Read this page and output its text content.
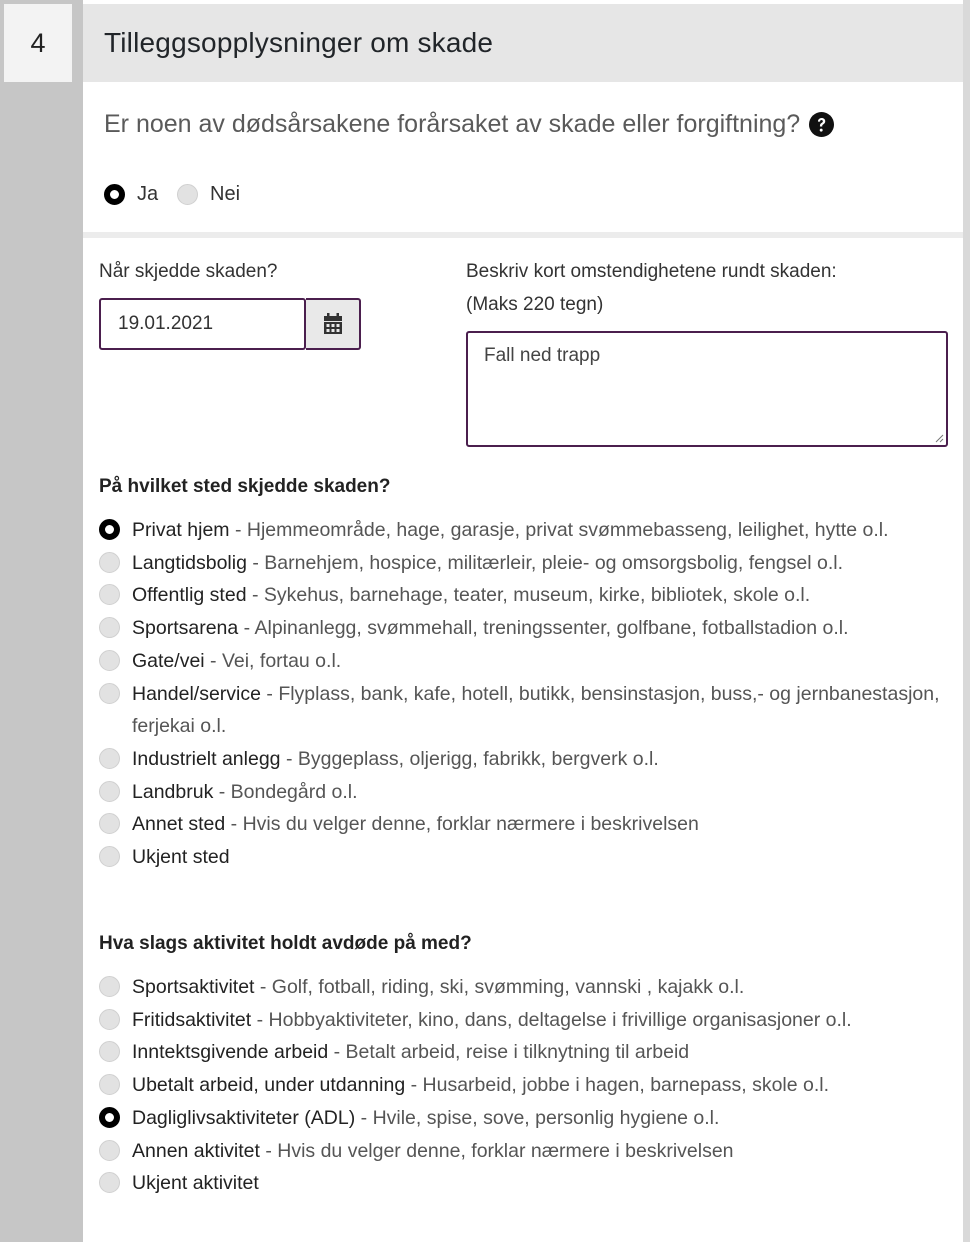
4	Tilleggsopplysninger om skade
Er noen av dødsårsakene forårsaket av skade eller forgiftning?
Ja	Nei
Når skjedde skaden?
19.01.2021
Beskriv kort omstendighetene rundt skaden:
(Maks 220 tegn)
Fall ned trapp
På hvilket sted skjedde skaden?
Privat hjem - Hjemmeområde, hage, garasje, privat svømmebasseng, leilighet, hytte o.l.
Langtidsbolig - Barnehjem, hospice, militærleir, pleie- og omsorgsbolig, fengsel o.l.
Offentlig sted - Sykehus, barnehage, teater, museum, kirke, bibliotek, skole o.l.
Sportsarena - Alpinanlegg, svømmehall, treningssenter, golfbane, fotballstadion o.l.
Gate/vei - Vei, fortau o.l.
Handel/service - Flyplass, bank, kafe, hotell, butikk, bensinstasjon, buss,- og jernbanestasjon, ferjekai o.l.
Industrielt anlegg - Byggeplass, oljerigg, fabrikk, bergverk o.l.
Landbruk - Bondegård o.l.
Annet sted - Hvis du velger denne, forklar nærmere i beskrivelsen
Ukjent sted
Hva slags aktivitet holdt avdøde på med?
Sportsaktivitet - Golf, fotball, riding, ski, svømming, vannski , kajakk o.l.
Fritidsaktivitet - Hobbyaktiviteter, kino, dans, deltagelse i frivillige organisasjoner o.l.
Inntektsgivende arbeid - Betalt arbeid, reise i tilknytning til arbeid
Ubetalt arbeid, under utdanning - Husarbeid, jobbe i hagen, barnepass, skole o.l.
Dagliglivsaktiviteter (ADL) - Hvile, spise, sove, personlig hygiene o.l.
Annen aktivitet - Hvis du velger denne, forklar nærmere i beskrivelsen
Ukjent aktivitet
